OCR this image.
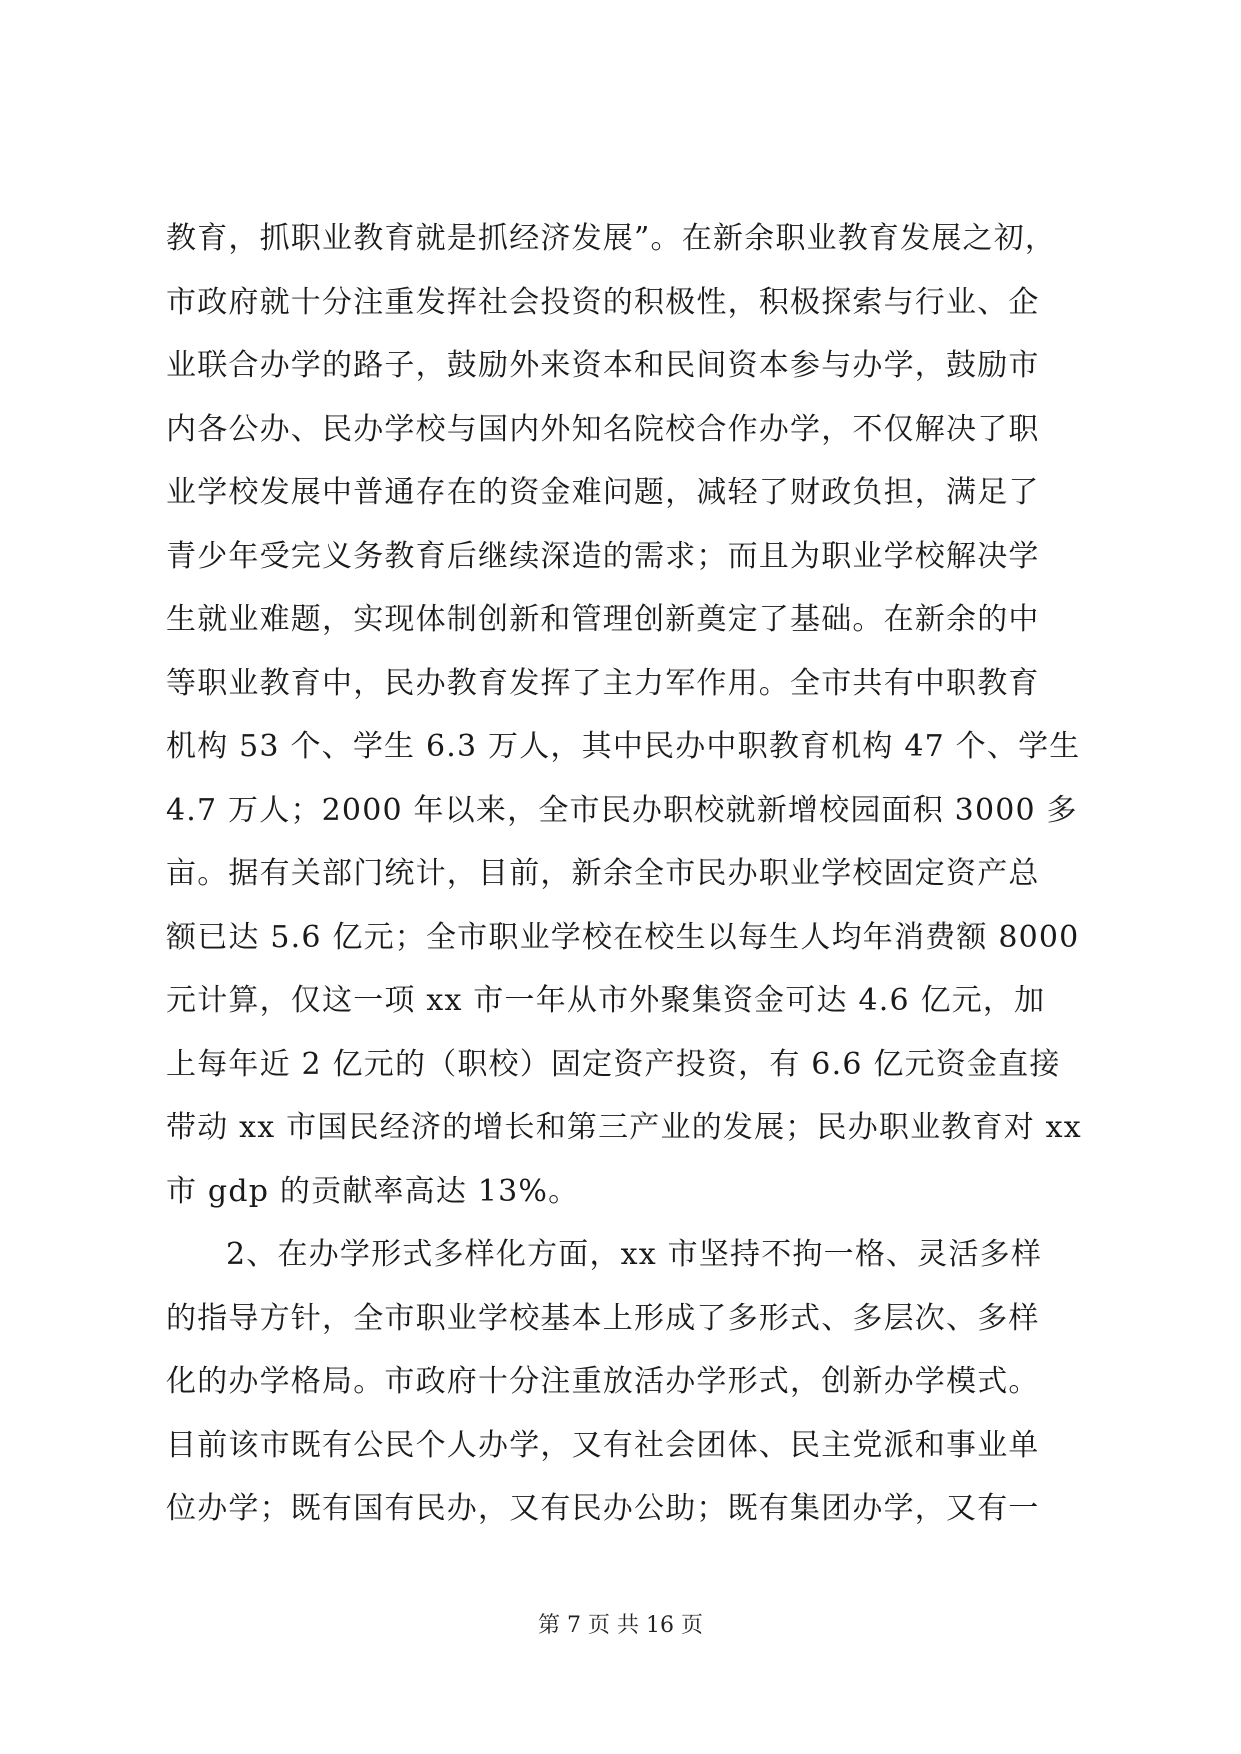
教育，抓职业教育就是抓经济发展”。在新余职业教育发展之初，
市政府就十分注重发挥社会投资的积极性，积极探索与行业、企
业联合办学的路子，鼓励外来资本和民间资本参与办学，鼓励市
内各公办、民办学校与国内外知名院校合作办学，不仅解决了职
业学校发展中普通存在的资金难问题，减轻了财政负担，满足了
青少年受完义务教育后继续深造的需求；而且为职业学校解决学
生就业难题，实现体制创新和管理创新奠定了基础。在新余的中
等职业教育中，民办教育发挥了主力军作用。全市共有中职教育
机构 53 个、学生 6.3 万人，其中民办中职教育机构 47 个、学生
4.7 万人；2000 年以来，全市民办职校就新增校园面积 3000 多
亩。据有关部门统计，目前，新余全市民办职业学校固定资产总
额已达 5.6 亿元；全市职业学校在校生以每生人均年消费额 8000
元计算，仅这一项 xx 市一年从市外聚集资金可达 4.6 亿元，加
上每年近 2 亿元的（职校）固定资产投资，有 6.6 亿元资金直接
带动 xx 市国民经济的增长和第三产业的发展；民办职业教育对 xx
市 gdp 的贡献率高达 13%。
2、在办学形式多样化方面，xx 市坚持不拘一格、灵活多样
的指导方针，全市职业学校基本上形成了多形式、多层次、多样
化的办学格局。市政府十分注重放活办学形式，创新办学模式。
目前该市既有公民个人办学，又有社会团体、民主党派和事业单
位办学；既有国有民办，又有民办公助；既有集团办学，又有一
第 7 页 共 16 页
